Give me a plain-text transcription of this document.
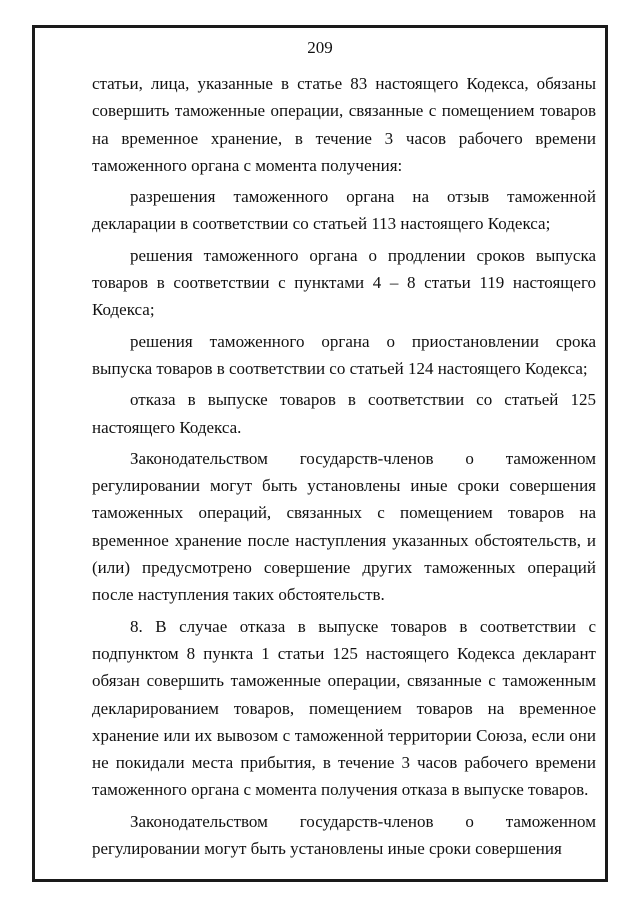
209

статьи, лица, указанные в статье 83 настоящего Кодекса, обязаны совершить таможенные операции, связанные с помещением товаров на временное хранение, в течение 3 часов рабочего времени таможенного органа с момента получения:

разрешения таможенного органа на отзыв таможенной декларации в соответствии со статьей 113 настоящего Кодекса;

решения таможенного органа о продлении сроков выпуска товаров в соответствии с пунктами 4 – 8 статьи 119 настоящего Кодекса;

решения таможенного органа о приостановлении срока выпуска товаров в соответствии со статьей 124 настоящего Кодекса;

отказа в выпуске товаров в соответствии со статьей 125 настоящего Кодекса.

Законодательством государств-членов о таможенном регулировании могут быть установлены иные сроки совершения таможенных операций, связанных с помещением товаров на временное хранение после наступления указанных обстоятельств, и (или) предусмотрено совершение других таможенных операций после наступления таких обстоятельств.

8. В случае отказа в выпуске товаров в соответствии с подпунктом 8 пункта 1 статьи 125 настоящего Кодекса декларант обязан совершить таможенные операции, связанные с таможенным декларированием товаров, помещением товаров на временное хранение или их вывозом с таможенной территории Союза, если они не покидали места прибытия, в течение 3 часов рабочего времени таможенного органа с момента получения отказа в выпуске товаров.

Законодательством государств-членов о таможенном регулировании могут быть установлены иные сроки совершения
